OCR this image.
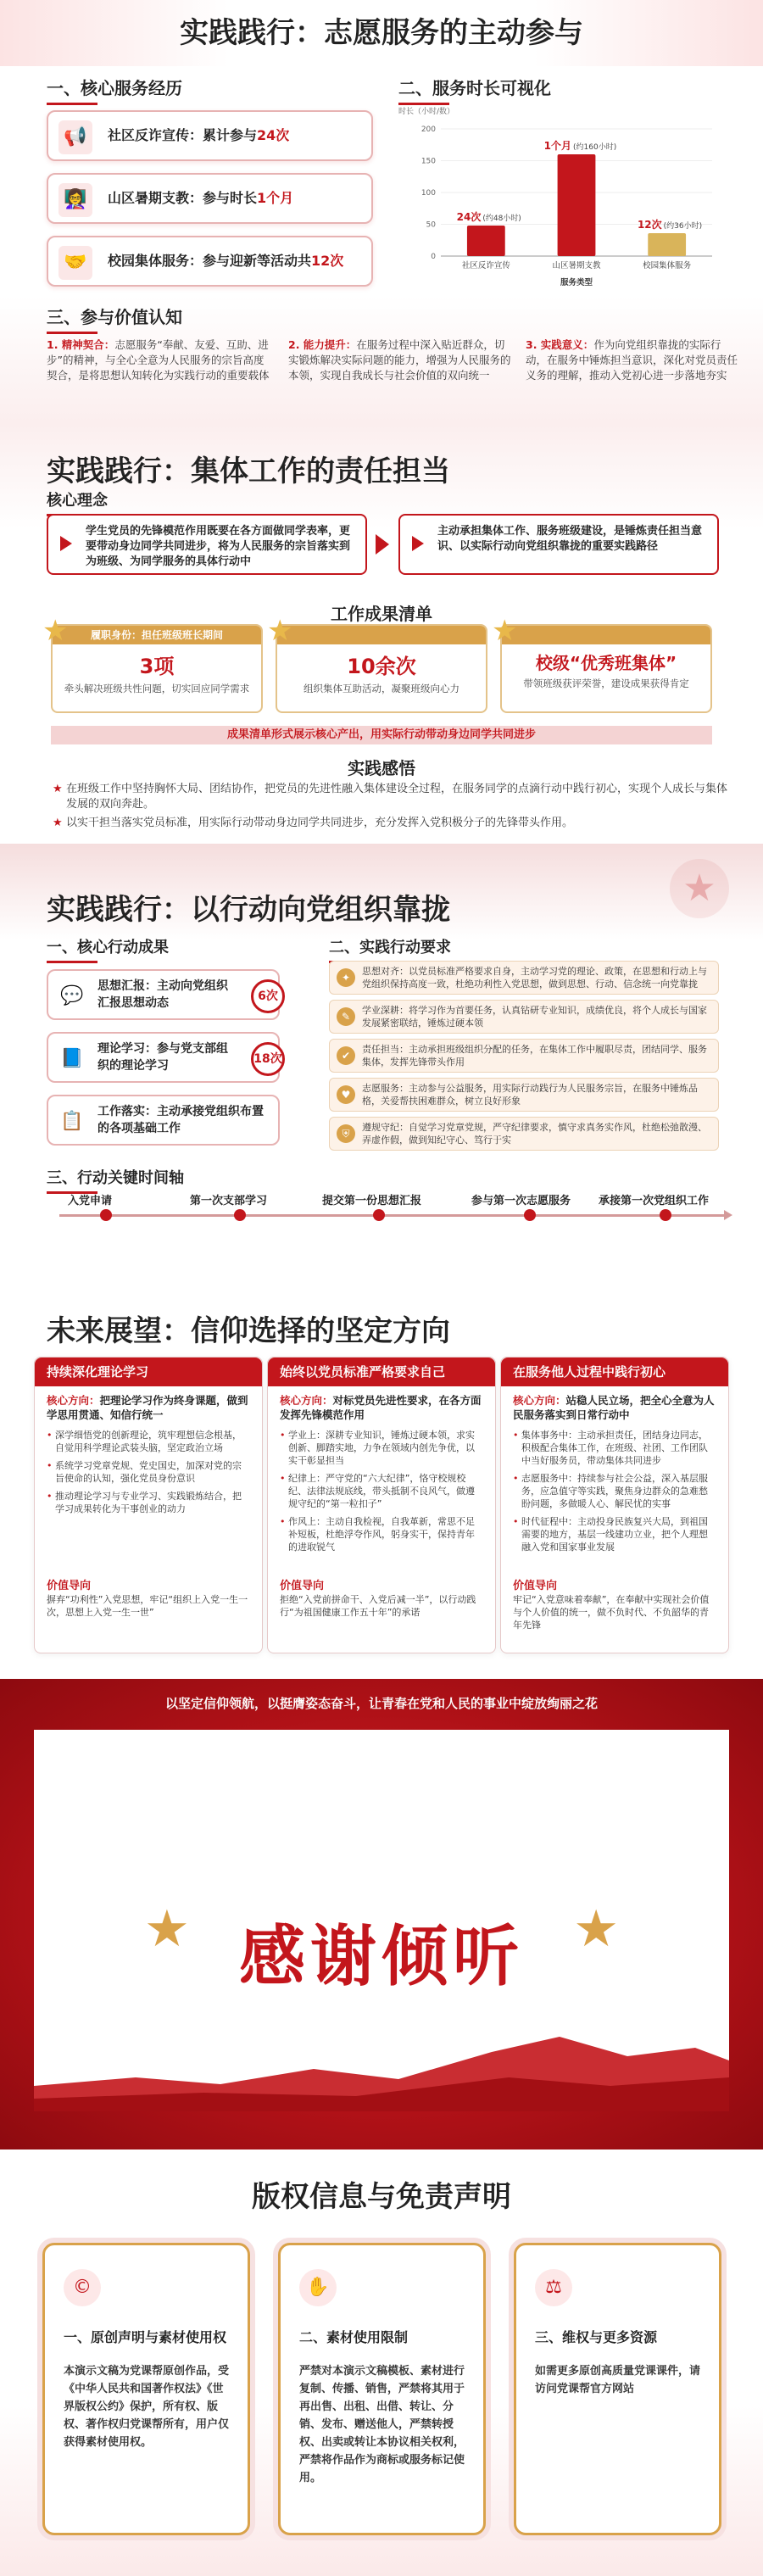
实践践行：志愿服务的主动参与
一、核心服务经历
📢	社区反诈宣传：累计参与24次
👩‍🏫	山区暑期支教：参与时长1个月
🤝	校园集体服务：参与迎新等活动共12次
二、服务时长可视化
时长（小时/数）
0
50
100
150
200
24次 (约48小时)
社区反诈宣传
1个月 (约160小时)
山区暑期支教
12次 (约36小时)
校园集体服务
服务类型
三、参与价值认知
1. 精神契合：志愿服务“奉献、友爱、互助、进步”的精神，与全心全意为人民服务的宗旨高度契合，是将思想认知转化为实践行动的重要载体
2. 能力提升：在服务过程中深入贴近群众，切实锻炼解决实际问题的能力，增强为人民服务的本领，实现自我成长与社会价值的双向统一
3. 实践意义：作为向党组织靠拢的实际行动，在服务中锤炼担当意识，深化对党员责任义务的理解，推动入党初心进一步落地夯实
实践践行：集体工作的责任担当
核心理念
学生党员的先锋模范作用既要在各方面做同学表率，更要带动身边同学共同进步，将为人民服务的宗旨落实到为班级、为同学服务的具体行动中
主动承担集体工作、服务班级建设，是锤炼责任担当意识、以实际行动向党组织靠拢的重要实践路径
工作成果清单
★	履职身份：担任班级班长期间
3项
牵头解决班级共性问题，切实回应同学需求
★
10余次
组织集体互助活动，凝聚班级向心力
★
校级“优秀班集体”
带领班级获评荣誉，建设成果获得肯定
成果清单形式展示核心产出，用实际行动带动身边同学共同进步
实践感悟
★ 在班级工作中坚持胸怀大局、团结协作，把党员的先进性融入集体建设全过程，在服务同学的点滴行动中践行初心，实现个人成长与集体发展的双向奔赴。
★ 以实干担当落实党员标准，用实际行动带动身边同学共同进步，充分发挥入党积极分子的先锋带头作用。
★
实践践行：以行动向党组织靠拢
一、核心行动成果
💬	思想汇报：主动向党组织汇报思想动态	6次
📘	理论学习：参与党支部组织的理论学习	18次
📋	工作落实：主动承接党组织布置的各项基础工作
二、实践行动要求
✦
思想对齐：以党员标准严格要求自身，主动学习党的理论、政策，在思想和行动上与党组织保持高度一致，杜绝功利性入党思想，做到思想、行动、信念统一向党靠拢
✎
学业深耕：将学习作为首要任务，认真钻研专业知识，成绩优良，将个人成长与国家发展紧密联结，锤炼过硬本领
✔
责任担当：主动承担班级组织分配的任务，在集体工作中履职尽责，团结同学、服务集体，发挥先锋带头作用
♥
志愿服务：主动参与公益服务，用实际行动践行为人民服务宗旨，在服务中锤炼品格，关爱帮扶困难群众，树立良好形象
⛨
遵规守纪：自觉学习党章党规，严守纪律要求，慎守求真务实作风，杜绝松弛散漫、弄虚作假，做到知纪守心、笃行于实
三、行动关键时间轴
入党申请	第一次支部学习	提交第一份思想汇报	参与第一次志愿服务	承接第一次党组织工作
未来展望：信仰选择的坚定方向
持续深化理论学习
核心方向：把理论学习作为终身课题，做到学思用贯通、知信行统一
• 深学细悟党的创新理论，筑牢理想信念根基，自觉用科学理论武装头脑，坚定政治立场
• 系统学习党章党规、党史国史，加深对党的宗旨使命的认知，强化党员身份意识
• 推动理论学习与专业学习、实践锻炼结合，把学习成果转化为干事创业的动力
价值导向
摒弃“功利性”入党思想，牢记“组织上入党一生一次，思想上入党一生一世”
始终以党员标准严格要求自己
核心方向：对标党员先进性要求，在各方面发挥先锋模范作用
• 学业上：深耕专业知识，锤炼过硬本领，求实创新、脚踏实地，力争在领域内创先争优，以实干彰显担当
• 纪律上：严守党的“六大纪律”，恪守校规校纪、法律法规底线，带头抵制不良风气，做遵规守纪的“第一粒扣子”
• 作风上：主动自我检视，自我革新，常思不足补短板，杜绝浮夸作风，躬身实干，保持青年的进取锐气
价值导向
拒绝“入党前拼命干、入党后减一半”，以行动践行“为祖国健康工作五十年”的承诺
在服务他人过程中践行初心
核心方向：站稳人民立场，把全心全意为人民服务落实到日常行动中
• 集体事务中：主动承担责任，团结身边同志，积极配合集体工作，在班级、社团、工作团队中当好服务员，带动集体共同进步
• 志愿服务中：持续参与社会公益，深入基层服务，应急值守等实践，聚焦身边群众的急难愁盼问题，多做暖人心、解民忧的实事
• 时代征程中：主动投身民族复兴大局，到祖国需要的地方，基层一线建功立业，把个人理想融入党和国家事业发展
价值导向
牢记“入党意味着奉献”，在奉献中实现社会价值与个人价值的统一，做不负时代、不负韶华的青年先锋
以坚定信仰领航，以挺膺姿态奋斗，让青春在党和人民的事业中绽放绚丽之花
★ 感谢倾听 ★
版权信息与免责声明
©
一、原创声明与素材使用权
本演示文稿为党课帮原创作品，受《中华人民共和国著作权法》《世界版权公约》保护，所有权、版权、著作权归党课帮所有，用户仅获得素材使用权。
✋
二、素材使用限制
严禁对本演示文稿模板、素材进行复制、传播、销售，严禁将其用于再出售、出租、出借、转让、分销、发布、赠送他人，严禁转授权、出卖或转让本协议相关权利，严禁将作品作为商标或服务标记使用。
⚖
三、维权与更多资源
如需更多原创高质量党课课件，请访问党课帮官方网站
